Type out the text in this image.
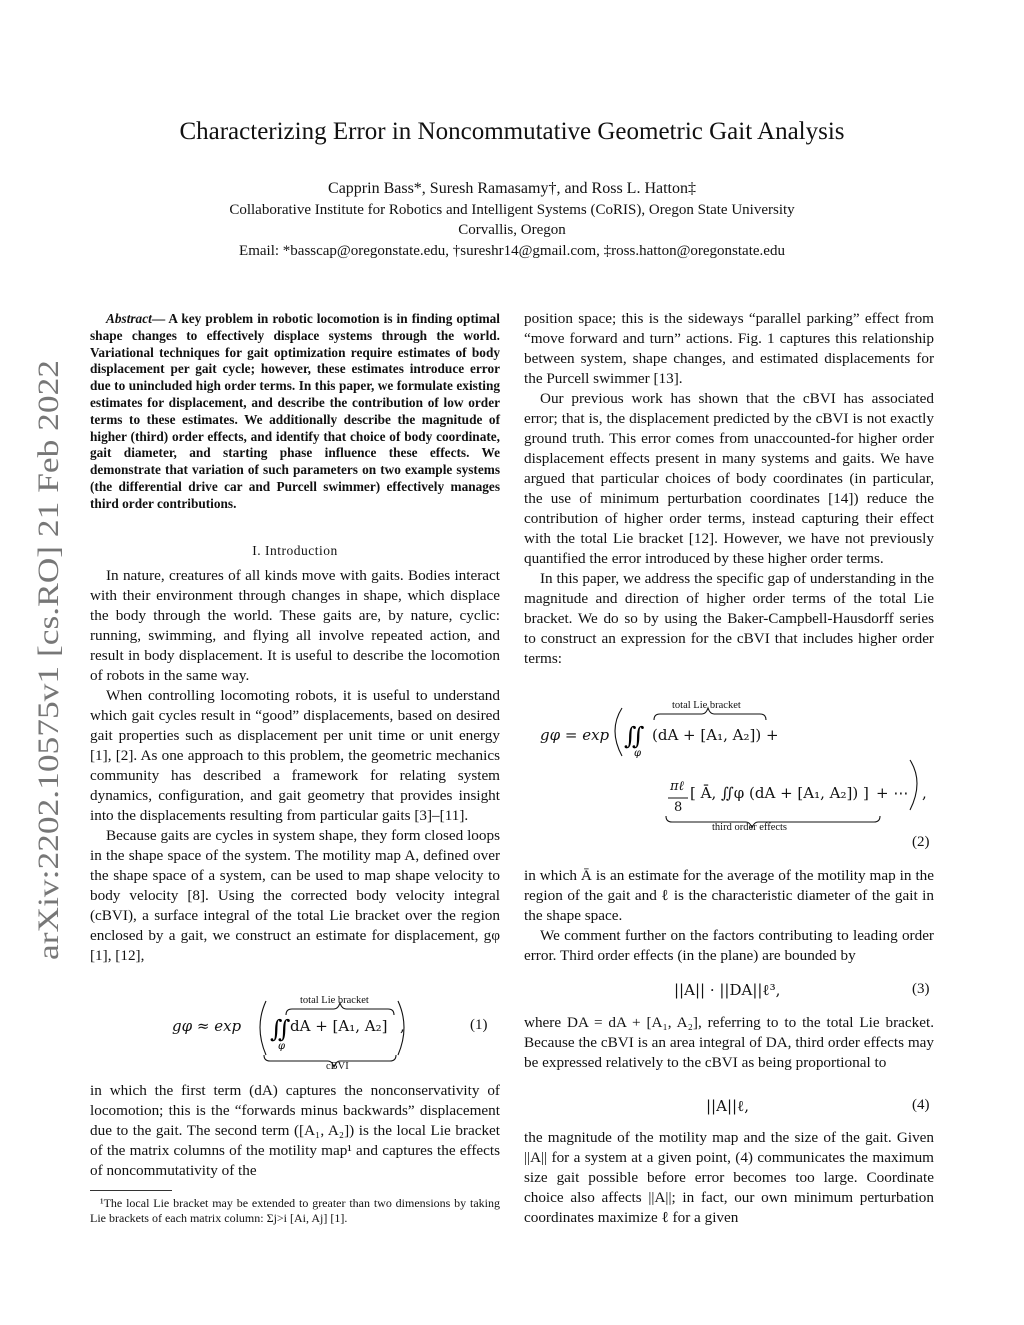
arXiv:2202.10575v1 [cs.RO] 21 Feb 2022
Characterizing Error in Noncommutative Geometric Gait Analysis
Capprin Bass*, Suresh Ramasamy†, and Ross L. Hatton‡
Collaborative Institute for Robotics and Intelligent Systems (CoRIS), Oregon State University
Corvallis, Oregon
Email: *basscap@oregonstate.edu, †sureshr14@gmail.com, ‡ross.hatton@oregonstate.edu
Abstract— A key problem in robotic locomotion is in finding optimal shape changes to effectively displace systems through the world. Variational techniques for gait optimization require estimates of body displacement per gait cycle; however, these estimates introduce error due to unincluded high order terms. In this paper, we formulate existing estimates for displacement, and describe the contribution of low order terms to these estimates. We additionally describe the magnitude of higher (third) order effects, and identify that choice of body coordinate, gait diameter, and starting phase influence these effects. We demonstrate that variation of such parameters on two example systems (the differential drive car and Purcell swimmer) effectively manages third order contributions.

I. Introduction

In nature, creatures of all kinds move with gaits. Bodies interact with their environment through changes in shape, which displace the body through the world. These gaits are, by nature, cyclic: running, swimming, and flying all involve repeated action, and result in body displacement. It is useful to describe the locomotion of robots in the same way.

When controlling locomoting robots, it is useful to understand which gait cycles result in “good” displacements, based on desired gait properties such as displacement per unit time or unit energy [1], [2]. As one approach to this problem, the geometric mechanics community has described a framework for relating system dynamics, configuration, and gait geometry that provides insight into the displacements resulting from particular gaits [3]–[11].

Because gaits are cycles in system shape, they form closed loops in the shape space of the system. The motility map A, defined over the shape space of a system, can be used to map shape velocity to body velocity [8]. Using the corrected body velocity integral (cBVI), a surface integral of the total Lie bracket over the region enclosed by a gait, we construct an estimate for displacement, gφ [1], [12],

gφ ≈ exp ∬
φ
total Lie bracket
dA + [A₁, A₂] ,
cBVI
(1)

in which the first term (dA) captures the nonconservativity of locomotion; this is the “forwards minus backwards” displacement due to the gait. The second term ([A₁, A₂]) is the local Lie bracket of the matrix columns of the motility map¹ and captures the effects of noncommutativity of the

¹The local Lie bracket may be extended to greater than two dimensions by taking Lie brackets of each matrix column: Σj>i [Ai, Aj] [1].

position space; this is the sideways “parallel parking” effect from “move forward and turn” actions. Fig. 1 captures this relationship between system, shape changes, and estimated displacements for the Purcell swimmer [13].

Our previous work has shown that the cBVI has associated error; that is, the displacement predicted by the cBVI is not exactly ground truth. This error comes from unaccounted-for higher order displacement effects present in many systems and gaits. We have argued that particular choices of body coordinates (in particular, the use of minimum perturbation coordinates [14]) reduce the contribution of higher order terms, instead capturing their effect with the total Lie bracket [12]. However, we have not previously quantified the error introduced by these higher order terms.

In this paper, we address the specific gap of understanding in the magnitude and direction of higher order terms of the total Lie bracket. We do so by using the Baker-Campbell-Hausdorff series to construct an expression for the cBVI that includes higher order terms:

gφ = exp ∬
φ
total Lie bracket
(dA + [A₁, A₂]) +
πℓ
8
[ Ā, ∬φ (dA + [A₁, A₂]) ] + ⋯ ,
third order effects
(2)

in which Ā is an estimate for the average of the motility map in the region of the gait and ℓ is the characteristic diameter of the gait in the shape space.

We comment further on the factors contributing to leading order error. Third order effects (in the plane) are bounded by

||A|| · ||DA||ℓ³,	(3)

where DA = dA + [A₁, A₂], referring to to the total Lie bracket. Because the cBVI is an area integral of DA, third order effects may be expressed relatively to the cBVI as being proportional to

||A||ℓ,	(4)

the magnitude of the motility map and the size of the gait. Given ||A|| for a system at a given point, (4) communicates the maximum size gait possible before error becomes too large. Coordinate choice also affects ||A||; in fact, our own minimum perturbation coordinates maximize ℓ for a given
